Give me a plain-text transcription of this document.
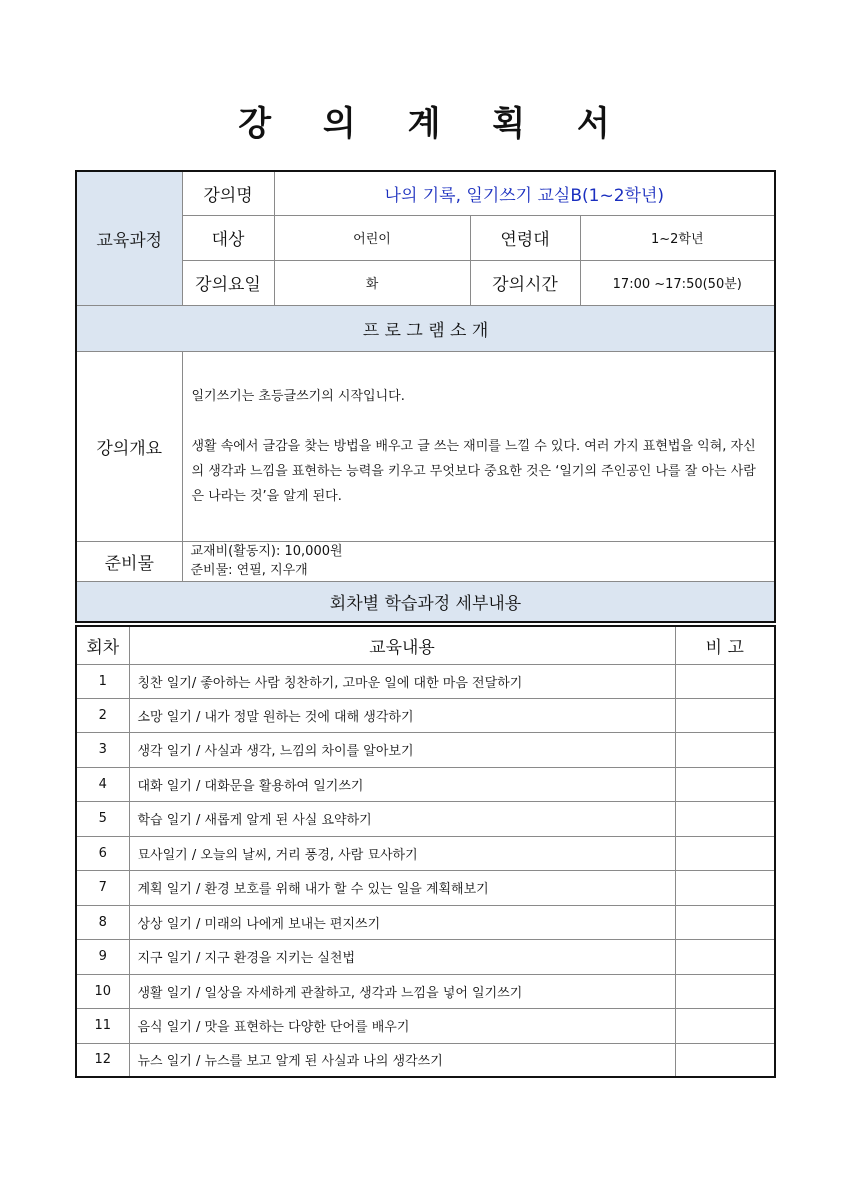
강 의 계 획 서
교육과정	강의명	나의 기록, 일기쓰기 교실B(1~2학년)		
	대상	어린이	연령대	1~2학년
	강의요일	화	강의시간	17:00 ~17:50(50분)
프 로 그 램 소 개				
강의개요	일기쓰기는 초등글쓰기의 시작입니다.

생활 속에서 글감을 찾는 방법을 배우고 글 쓰는 재미를 느낄 수 있다. 여러 가지 표현법을 익혀, 자신의 생각과 느낌을 표현하는 능력을 키우고 무엇보다 중요한 것은 ‘일기의 주인공인 나를 잘 아는 사람은 나라는 것’을 알게 된다.			

준비물	교재비(활동지): 10,000원
준비물: 연필, 지우개			

회차별 학습과정 세부내용				
회차	교육내용	비 고
1	칭찬 일기/ 좋아하는 사람 칭찬하기, 고마운 일에 대한 마음 전달하기	
2	소망 일기 / 내가 정말 원하는 것에 대해 생각하기	
3	생각 일기 / 사실과 생각, 느낌의 차이를 알아보기	
4	대화 일기 / 대화문을 활용하여 일기쓰기	
5	학습 일기 / 새롭게 알게 된 사실 요약하기	
6	묘사일기 / 오늘의 날씨, 거리 풍경, 사람 묘사하기	
7	계획 일기 / 환경 보호를 위해 내가 할 수 있는 일을 계획해보기	
8	상상 일기 / 미래의 나에게 보내는 편지쓰기	
9	지구 일기 / 지구 환경을 지키는 실천법	
10	생활 일기 / 일상을 자세하게 관찰하고, 생각과 느낌을 넣어 일기쓰기	
11	음식 일기 / 맛을 표현하는 다양한 단어를 배우기	
12	뉴스 일기 / 뉴스를 보고 알게 된 사실과 나의 생각쓰기	
